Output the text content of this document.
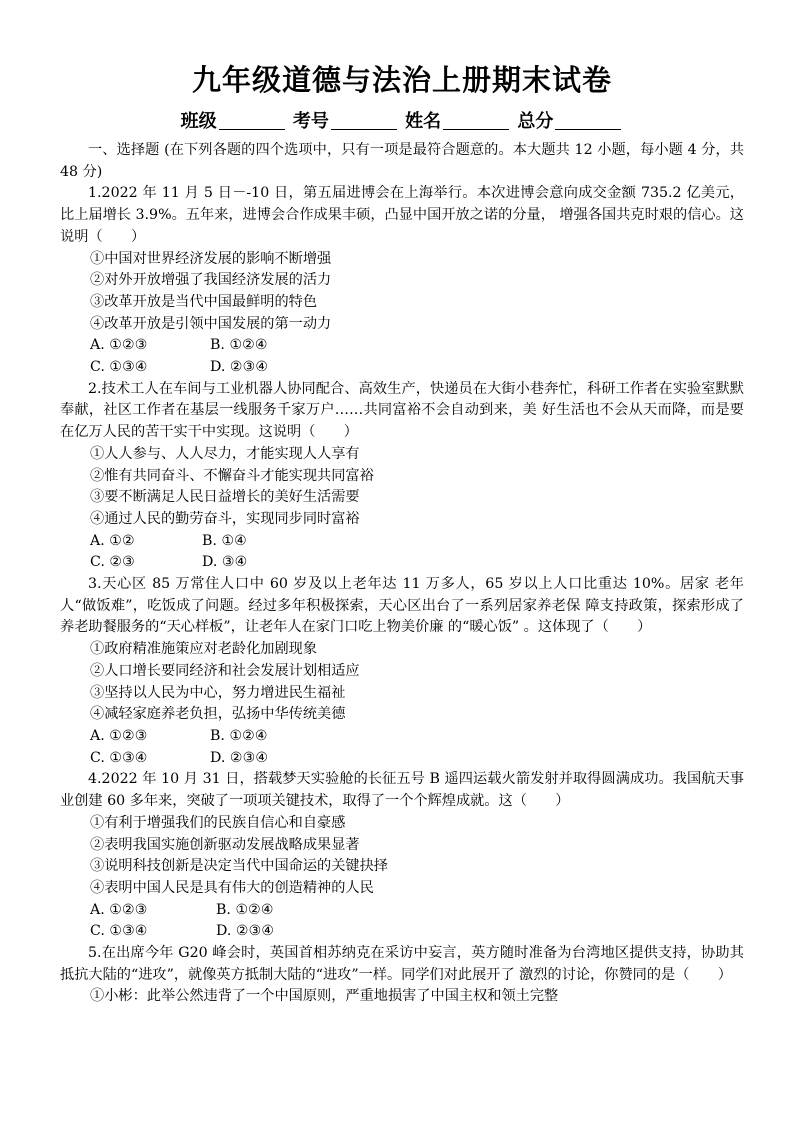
九年级道德与法治上册期末试卷
班级	考号	姓名	总分

一、选择题 (在下列各题的四个选项中，只有一项是最符合题意的。本大题共 12 小题，每小题 4 分，共 48 分)

1.2022 年 11 月 5 日－-10 日，第五届进博会在上海举行。本次进博会意向成交金额 735.2 亿美元，比上届增长 3.9%。五年来，进博会合作成果丰硕，凸显中国开放之诺的分量， 增强各国共克时艰的信心。这说明（　　）

①中国对世界经济发展的影响不断增强

②对外开放增强了我国经济发展的活力

③改革开放是当代中国最鲜明的特色

④改革开放是引领中国发展的第一动力

A. ①②③	B. ①②④

C. ①③④	D. ②③④

2.技术工人在车间与工业机器人协同配合、高效生产，快递员在大街小巷奔忙，科研工作者在实验室默默奉献，社区工作者在基层一线服务千家万户……共同富裕不会自动到来，美 好生活也不会从天而降，而是要在亿万人民的苦干实干中实现。这说明（　　）

①人人参与、人人尽力，才能实现人人享有

②惟有共同奋斗、不懈奋斗才能实现共同富裕

③要不断满足人民日益增长的美好生活需要

④通过人民的勤劳奋斗，实现同步同时富裕

A. ①②	B. ①④

C. ②③	D. ③④

3.天心区 85 万常住人口中 60 岁及以上老年达 11 万多人，65 岁以上人口比重达 10%。居家 老年人“做饭难”，吃饭成了问题。经过多年积极探索，天心区出台了一系列居家养老保 障支持政策，探索形成了养老助餐服务的“天心样板”，让老年人在家门口吃上物美价廉 的“暖心饭” 。这体现了（　　）

①政府精准施策应对老龄化加剧现象

②人口增长要同经济和社会发展计划相适应

③坚持以人民为中心，努力增进民生福祉

④减轻家庭养老负担，弘扬中华传统美德

A. ①②③	B. ①②④

C. ①③④	D. ②③④

4.2022 年 10 月 31 日，搭载梦天实验舱的长征五号 B 遥四运载火箭发射并取得圆满成功。我国航天事业创建 60 多年来，突破了一项项关键技术，取得了一个个辉煌成就。这（　　）

①有利于增强我们的民族自信心和自豪感

②表明我国实施创新驱动发展战略成果显著

③说明科技创新是决定当代中国命运的关键抉择

④表明中国人民是具有伟大的创造精神的人民

A. ①②③	B. ①②④

C. ①③④	D. ②③④

5.在出席今年 G20 峰会时，英国首相苏纳克在采访中妄言，英方随时准备为台湾地区提供支持，协助其抵抗大陆的“进攻”，就像英方抵制大陆的“进攻”一样。同学们对此展开了 激烈的讨论，你赞同的是（　　）

①小彬：此举公然违背了一个中国原则，严重地损害了中国主权和领土完整
